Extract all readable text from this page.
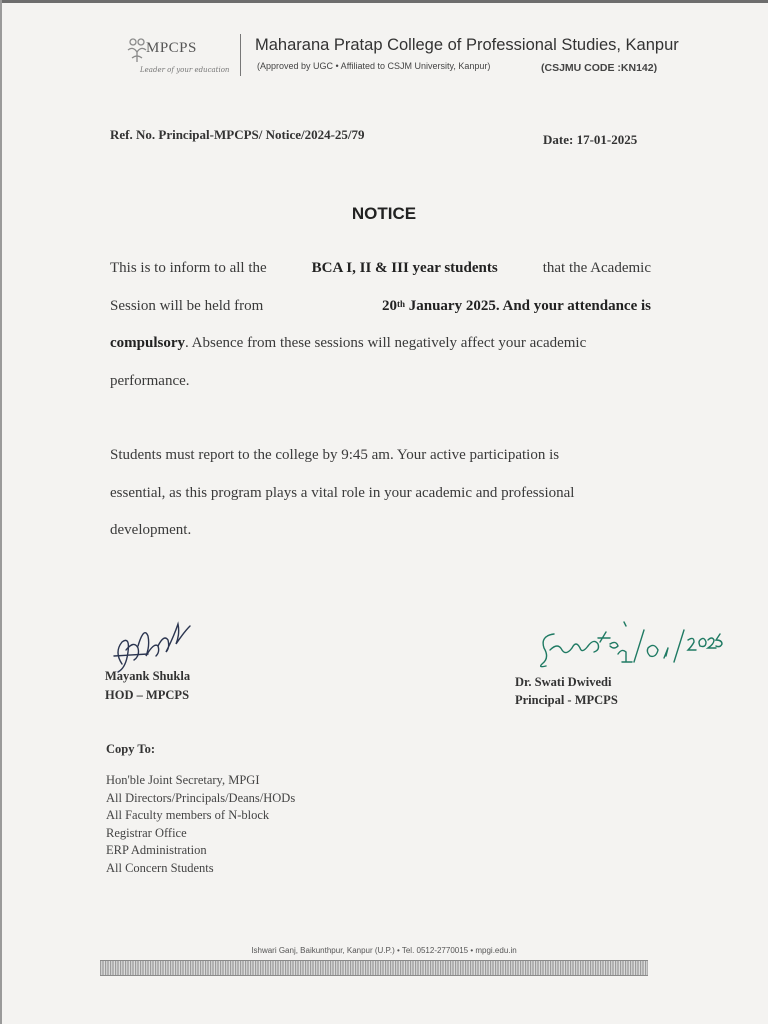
MPCPS
Leader of your education
Maharana Pratap College of Professional Studies, Kanpur
(Approved by UGC • Affiliated to CSJM University, Kanpur)	(CSJMU CODE :KN142)
Ref. No. Principal-MPCPS/ Notice/2024-25/79	Date: 17-01-2025
NOTICE
This is to inform to all the	BCA I, II & III year students	that the Academic
Session will be held from	20th January 2025. And your attendance is
compulsory. Absence from these sessions will negatively affect your academic
performance.
Students must report to the college by 9:45 am. Your active participation is
essential, as this program plays a vital role in your academic and professional
development.
Mayank Shukla
HOD – MPCPS
Dr. Swati Dwivedi
Principal - MPCPS
Copy To:
Hon'ble Joint Secretary, MPGI
All Directors/Principals/Deans/HODs
All Faculty members of N-block
Registrar Office
ERP Administration
All Concern Students
Ishwari Ganj, Baikunthpur, Kanpur (U.P.) • Tel. 0512-2770015 • mpgi.edu.in
